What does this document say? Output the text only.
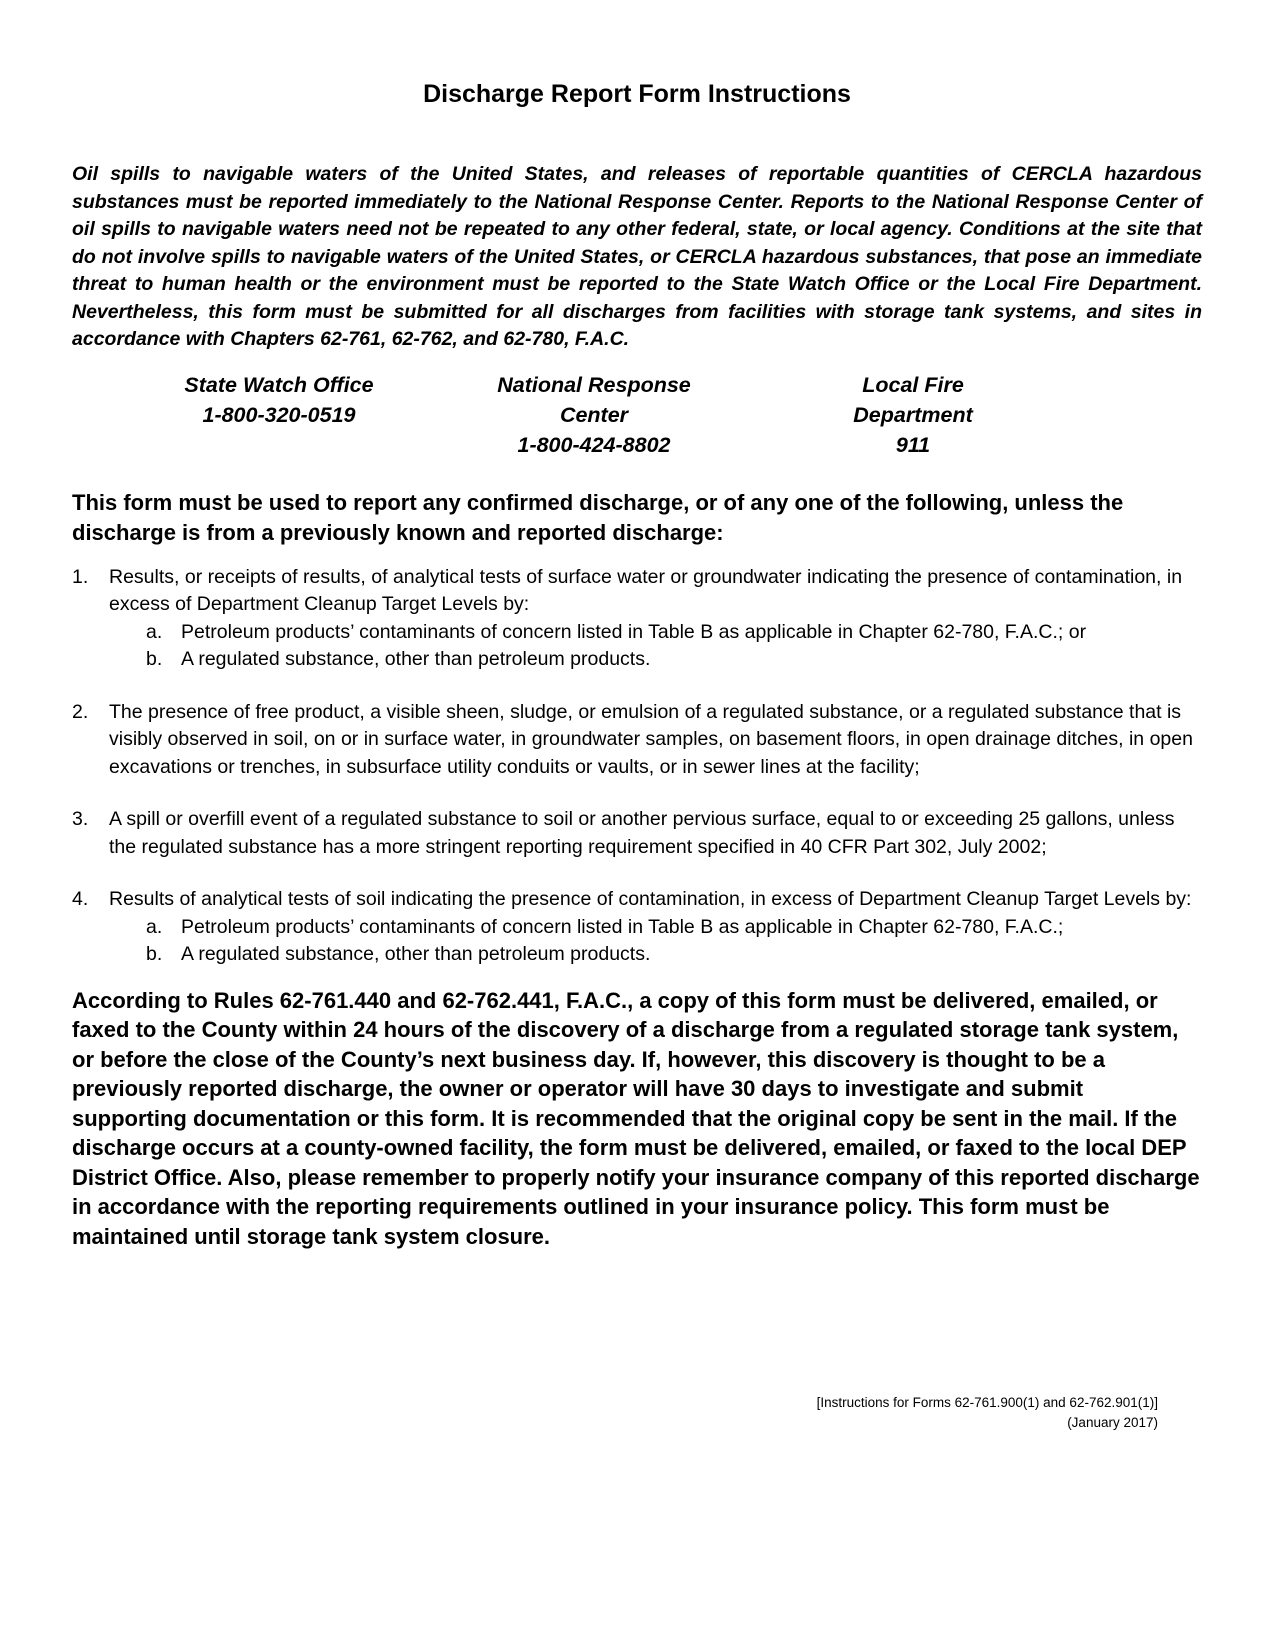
Discharge Report Form Instructions

Oil spills to navigable waters of the United States, and releases of reportable quantities of CERCLA hazardous substances must be reported immediately to the National Response Center. Reports to the National Response Center of oil spills to navigable waters need not be repeated to any other federal, state, or local agency. Conditions at the site that do not involve spills to navigable waters of the United States, or CERCLA hazardous substances, that pose an immediate threat to human health or the environment must be reported to the State Watch Office or the Local Fire Department. Nevertheless, this form must be submitted for all discharges from facilities with storage tank systems, and sites in accordance with Chapters 62-761, 62-762, and 62-780, F.A.C.

State Watch Office
1-800-320-0519
National Response Center
1-800-424-8802
Local Fire Department
911

This form must be used to report any confirmed discharge, or of any one of the following, unless the discharge is from a previously known and reported discharge:

1. Results, or receipts of results, of analytical tests of surface water or groundwater indicating the presence of contamination, in excess of Department Cleanup Target Levels by:
a. Petroleum products’ contaminants of concern listed in Table B as applicable in Chapter 62-780, F.A.C.; or
b. A regulated substance, other than petroleum products.
2. The presence of free product, a visible sheen, sludge, or emulsion of a regulated substance, or a regulated substance that is visibly observed in soil, on or in surface water, in groundwater samples, on basement floors, in open drainage ditches, in open excavations or trenches, in subsurface utility conduits or vaults, or in sewer lines at the facility;
3. A spill or overfill event of a regulated substance to soil or another pervious surface, equal to or exceeding 25 gallons, unless the regulated substance has a more stringent reporting requirement specified in 40 CFR Part 302, July 2002;
4. Results of analytical tests of soil indicating the presence of contamination, in excess of Department Cleanup Target Levels by:
a. Petroleum products’ contaminants of concern listed in Table B as applicable in Chapter 62-780, F.A.C.;
b. A regulated substance, other than petroleum products.

According to Rules 62-761.440 and 62-762.441, F.A.C., a copy of this form must be delivered, emailed, or faxed to the County within 24 hours of the discovery of a discharge from a regulated storage tank system, or before the close of the County’s next business day. If, however, this discovery is thought to be a previously reported discharge, the owner or operator will have 30 days to investigate and submit supporting documentation or this form. It is recommended that the original copy be sent in the mail. If the discharge occurs at a county-owned facility, the form must be delivered, emailed, or faxed to the local DEP District Office. Also, please remember to properly notify your insurance company of this reported discharge in accordance with the reporting requirements outlined in your insurance policy. This form must be maintained until storage tank system closure.

[Instructions for Forms 62-761.900(1) and 62-762.901(1)]
(January 2017)
